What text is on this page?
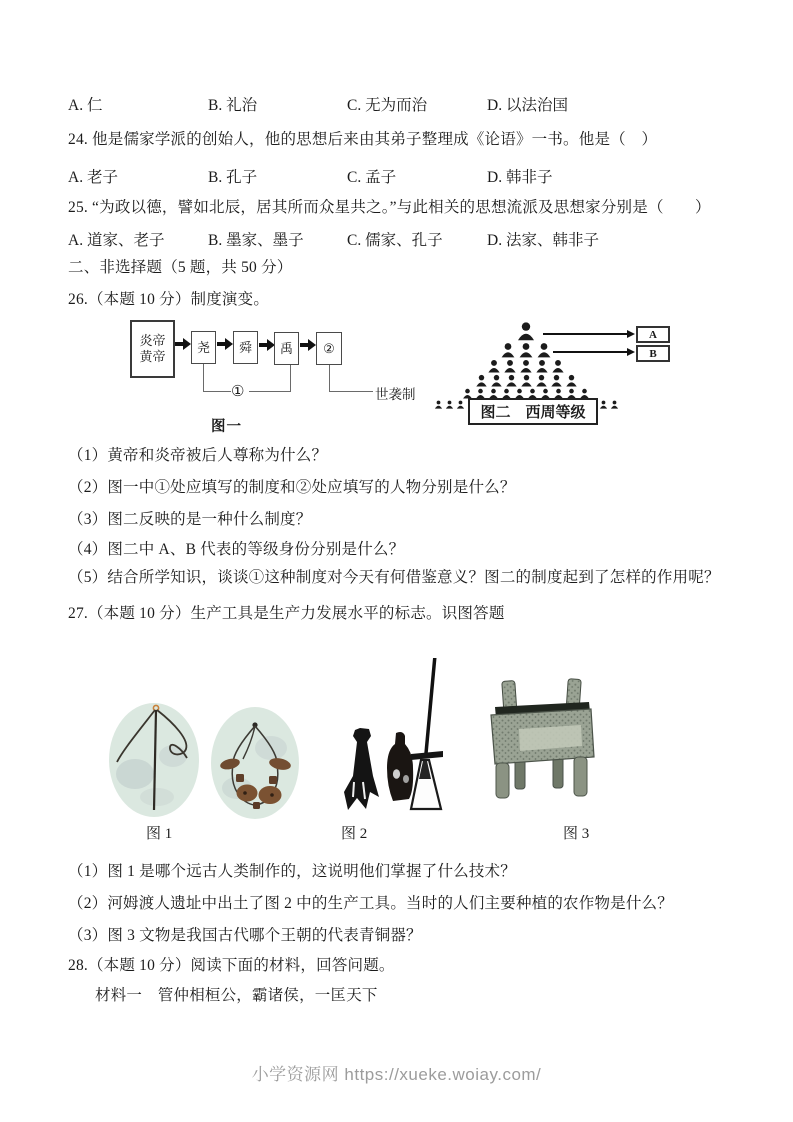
A. 仁	B. 礼治	C. 无为而治	D. 以法治国
24. 他是儒家学派的创始人，他的思想后来由其弟子整理成《论语》一书。他是（　）
A. 老子	B. 孔子	C. 孟子	D. 韩非子
25. “为政以德，譬如北辰，居其所而众星共之。”与此相关的思想流派及思想家分别是（　　）
A. 道家、老子	B. 墨家、墨子	C. 儒家、孔子	D. 法家、韩非子
二、非选择题（5 题，共 50 分）
26.（本题 10 分）制度演变。
炎帝
黄帝
尧	舜	禹	②
①	世袭制
图一
A
B
图二　西周等级
（1）黄帝和炎帝被后人尊称为什么？
（2）图一中①处应填写的制度和②处应填写的人物分别是什么？
（3）图二反映的是一种什么制度？
（4）图二中 A、B 代表的等级身份分别是什么？
（5）结合所学知识，谈谈①这种制度对今天有何借鉴意义？图二的制度起到了怎样的作用呢？
27.（本题 10 分）生产工具是生产力发展水平的标志。识图答题
图 1	图 2	图 3
（1）图 1 是哪个远古人类制作的，这说明他们掌握了什么技术？
（2）河姆渡人遗址中出土了图 2 中的生产工具。当时的人们主要种植的农作物是什么？
（3）图 3 文物是我国古代哪个王朝的代表青铜器？
28.（本题 10 分）阅读下面的材料，回答问题。
材料一　管仲相桓公，霸诸侯，一匡天下
小学资源网 https://xueke.woiay.com/
